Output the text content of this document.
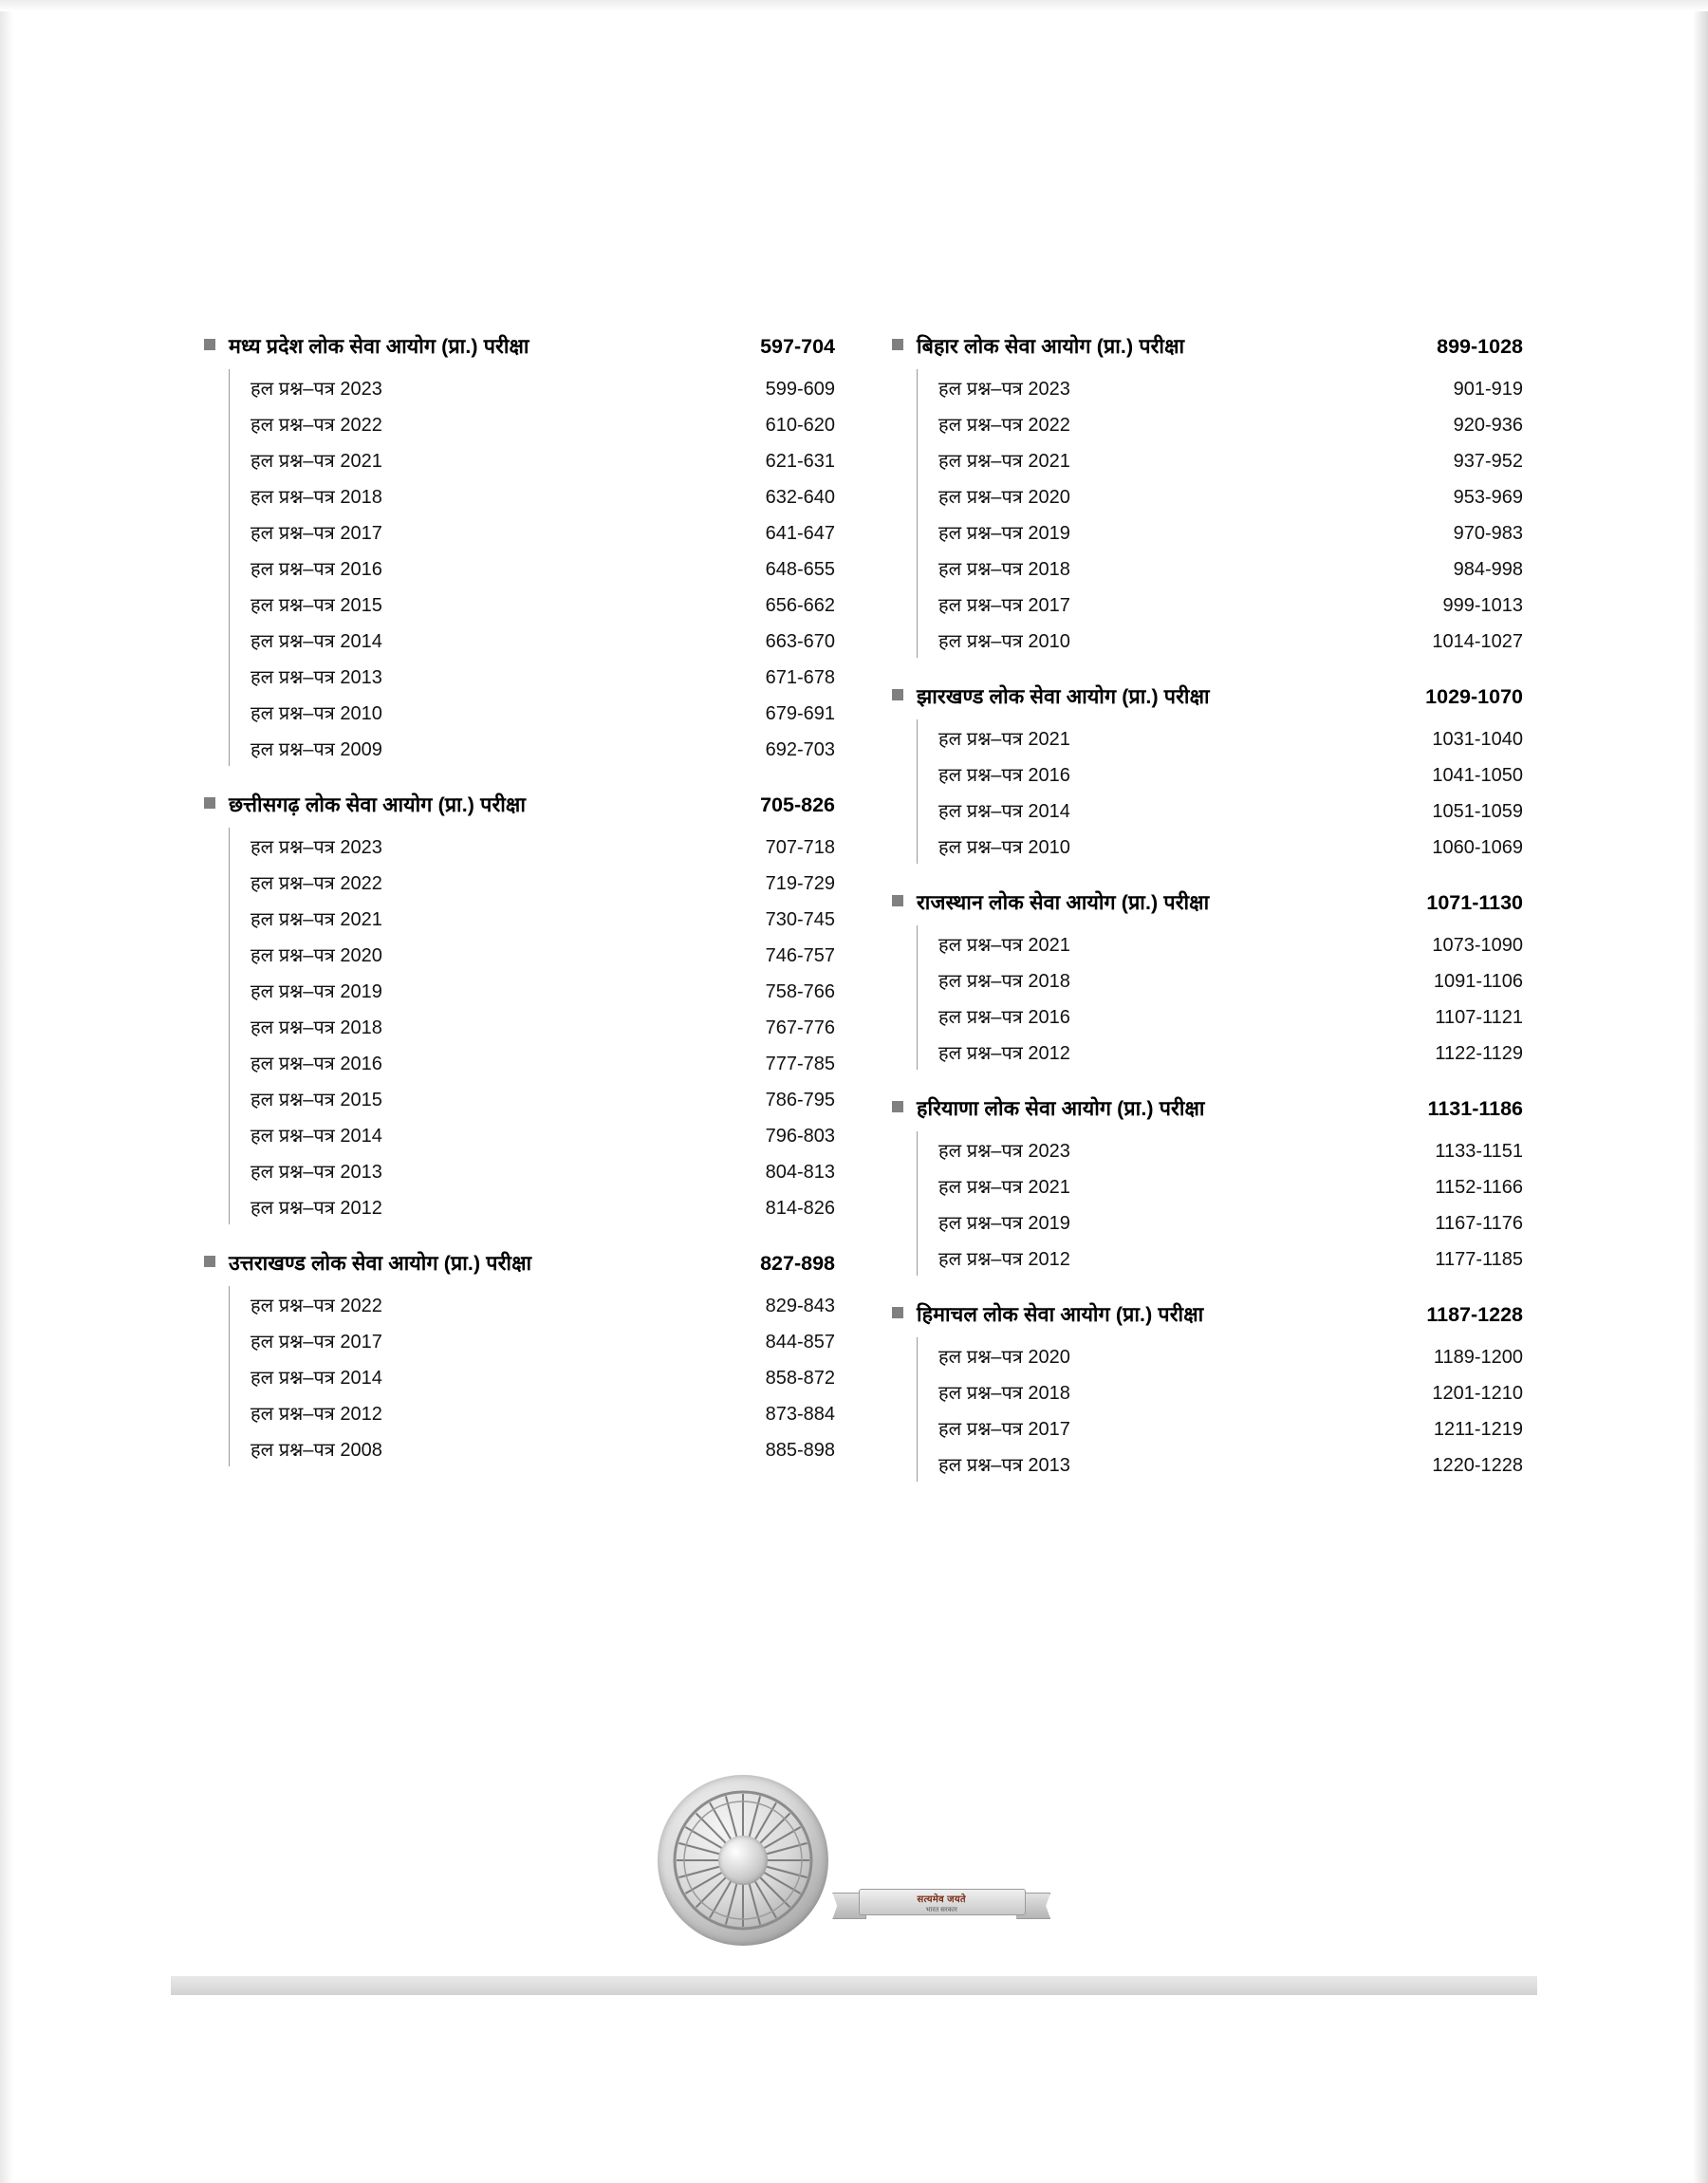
मध्य प्रदेश लोक सेवा आयोग (प्रा.) परीक्षा	597-704
हल प्रश्न–पत्र 2023	599-609
हल प्रश्न–पत्र 2022	610-620
हल प्रश्न–पत्र 2021	621-631
हल प्रश्न–पत्र 2018	632-640
हल प्रश्न–पत्र 2017	641-647
हल प्रश्न–पत्र 2016	648-655
हल प्रश्न–पत्र 2015	656-662
हल प्रश्न–पत्र 2014	663-670
हल प्रश्न–पत्र 2013	671-678
हल प्रश्न–पत्र 2010	679-691
हल प्रश्न–पत्र 2009	692-703
छत्तीसगढ़ लोक सेवा आयोग (प्रा.) परीक्षा	705-826
हल प्रश्न–पत्र 2023	707-718
हल प्रश्न–पत्र 2022	719-729
हल प्रश्न–पत्र 2021	730-745
हल प्रश्न–पत्र 2020	746-757
हल प्रश्न–पत्र 2019	758-766
हल प्रश्न–पत्र 2018	767-776
हल प्रश्न–पत्र 2016	777-785
हल प्रश्न–पत्र 2015	786-795
हल प्रश्न–पत्र 2014	796-803
हल प्रश्न–पत्र 2013	804-813
हल प्रश्न–पत्र 2012	814-826
उत्तराखण्ड लोक सेवा आयोग (प्रा.) परीक्षा	827-898
हल प्रश्न–पत्र 2022	829-843
हल प्रश्न–पत्र 2017	844-857
हल प्रश्न–पत्र 2014	858-872
हल प्रश्न–पत्र 2012	873-884
हल प्रश्न–पत्र 2008	885-898
बिहार लोक सेवा आयोग (प्रा.) परीक्षा	899-1028
हल प्रश्न–पत्र 2023	901-919
हल प्रश्न–पत्र 2022	920-936
हल प्रश्न–पत्र 2021	937-952
हल प्रश्न–पत्र 2020	953-969
हल प्रश्न–पत्र 2019	970-983
हल प्रश्न–पत्र 2018	984-998
हल प्रश्न–पत्र 2017	999-1013
हल प्रश्न–पत्र 2010	1014-1027
झारखण्ड लोक सेवा आयोग (प्रा.) परीक्षा	1029-1070
हल प्रश्न–पत्र 2021	1031-1040
हल प्रश्न–पत्र 2016	1041-1050
हल प्रश्न–पत्र 2014	1051-1059
हल प्रश्न–पत्र 2010	1060-1069
राजस्थान लोक सेवा आयोग (प्रा.) परीक्षा	1071-1130
हल प्रश्न–पत्र 2021	1073-1090
हल प्रश्न–पत्र 2018	1091-1106
हल प्रश्न–पत्र 2016	1107-1121
हल प्रश्न–पत्र 2012	1122-1129
हरियाणा लोक सेवा आयोग (प्रा.) परीक्षा	1131-1186
हल प्रश्न–पत्र 2023	1133-1151
हल प्रश्न–पत्र 2021	1152-1166
हल प्रश्न–पत्र 2019	1167-1176
हल प्रश्न–पत्र 2012	1177-1185
हिमाचल लोक सेवा आयोग (प्रा.) परीक्षा	1187-1228
हल प्रश्न–पत्र 2020	1189-1200
हल प्रश्न–पत्र 2018	1201-1210
हल प्रश्न–पत्र 2017	1211-1219
हल प्रश्न–पत्र 2013	1220-1228

सत्यमेव जयते
भारत सरकार
